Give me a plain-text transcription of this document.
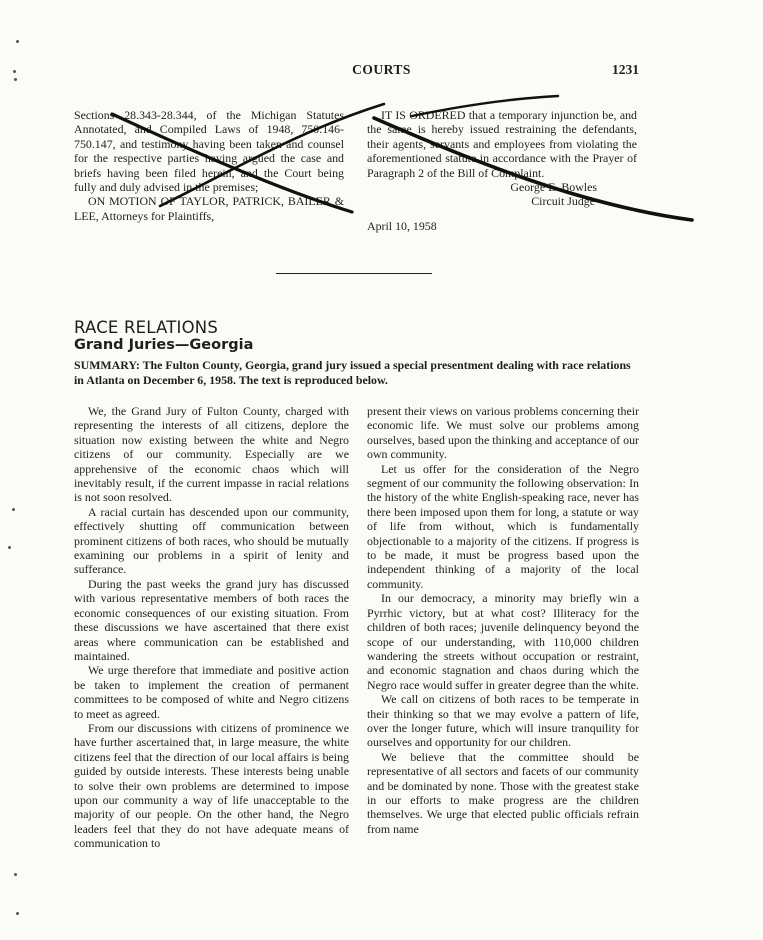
COURTS	1231

Sections 28.343-28.344, of the Michigan Statutes Annotated, and Compiled Laws of 1948, 750.146-750.147, and testimony having been taken and counsel for the respective parties having argued the case and briefs having been filed herein, and the Court being fully and duly advised in the premises;

ON MOTION OF TAYLOR, PATRICK, BAILER & LEE, Attorneys for Plaintiffs,

IT IS ORDERED that a temporary injunction be, and the same is hereby issued restraining the defendants, their agents, servants and employees from violating the aforementioned statute in accordance with the Prayer of Paragraph 2 of the Bill of Complaint.

George E. Bowles

Circuit Judge

April 10, 1958

RACE RELATIONS
Grand Juries—Georgia
SUMMARY: The Fulton County, Georgia, grand jury issued a special presentment dealing with race relations in Atlanta on December 6, 1958. The text is reproduced below.

We, the Grand Jury of Fulton County, charged with representing the interests of all citizens, deplore the situation now existing between the white and Negro citizens of our community. Especially are we apprehensive of the economic chaos which will inevitably result, if the current impasse in racial relations is not soon resolved.

A racial curtain has descended upon our community, effectively shutting off communication between prominent citizens of both races, who should be mutually examining our problems in a spirit of lenity and sufferance.

During the past weeks the grand jury has discussed with various representative members of both races the economic consequences of our existing situation. From these discussions we have ascertained that there exist areas where communication can be established and maintained.

We urge therefore that immediate and positive action be taken to implement the creation of permanent committees to be composed of white and Negro citizens to meet as agreed.

From our discussions with citizens of prominence we have further ascertained that, in large measure, the white citizens feel that the direction of our local affairs is being guided by outside interests. These interests being unable to solve their own problems are determined to impose upon our community a way of life unacceptable to the majority of our people. On the other hand, the Negro leaders feel that they do not have adequate means of communication to

present their views on various problems concerning their economic life. We must solve our problems among ourselves, based upon the thinking and acceptance of our own community.

Let us offer for the consideration of the Negro segment of our community the following observation: In the history of the white English-speaking race, never has there been imposed upon them for long, a statute or way of life from without, which is fundamentally objectionable to a majority of the citizens. If progress is to be made, it must be progress based upon the independent thinking of a majority of the local community.

In our democracy, a minority may briefly win a Pyrrhic victory, but at what cost? Illiteracy for the children of both races; juvenile delinquency beyond the scope of our understanding, with 110,000 children wandering the streets without occupation or restraint, and economic stagnation and chaos during which the Negro race would suffer in greater degree than the white.

We call on citizens of both races to be temperate in their thinking so that we may evolve a pattern of life, over the longer future, which will insure tranquility for ourselves and opportunity for our children.

We believe that the committee should be representative of all sectors and facets of our community and be dominated by none. Those with the greatest stake in our efforts to make progress are the children themselves. We urge that elected public officials refrain from name
